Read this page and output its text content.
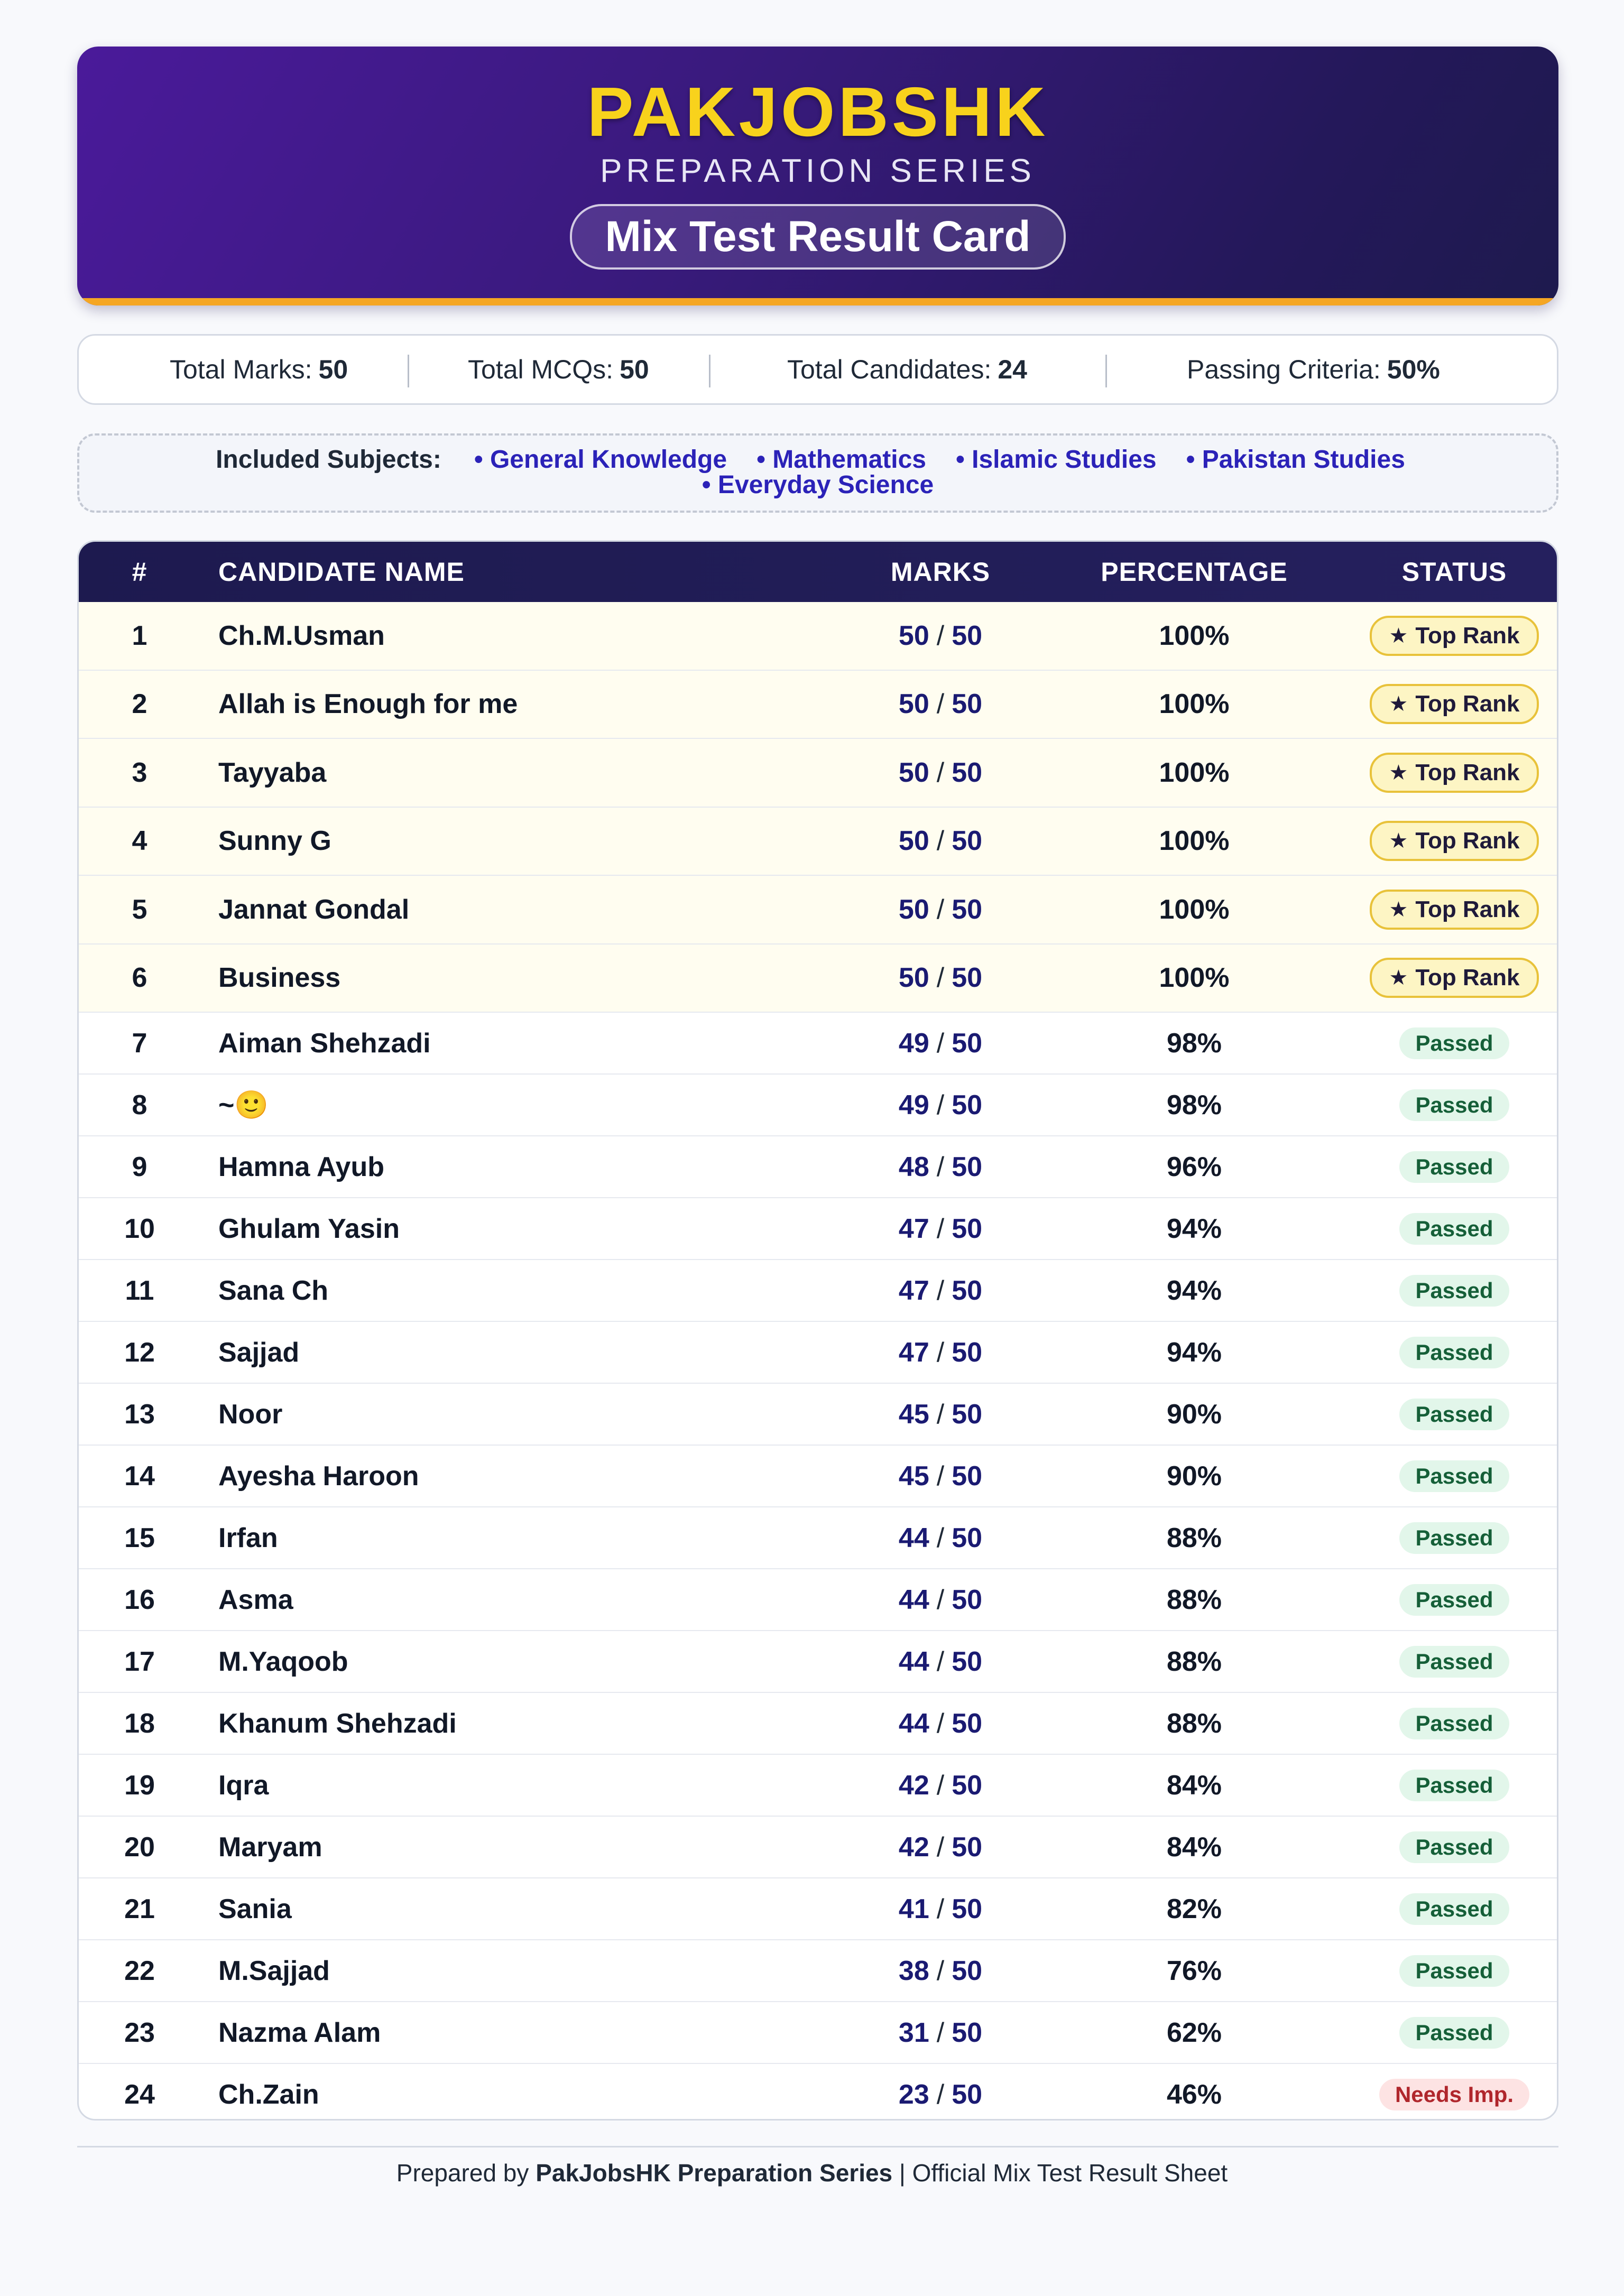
PAKJOBSHK
PREPARATION SERIES
Mix Test Result Card
Total Marks: 50	Total MCQs: 50	Total Candidates: 24	Passing Criteria: 50%
Included Subjects: • General Knowledge • Mathematics • Islamic Studies • Pakistan Studies
• Everyday Science
#	CANDIDATE NAME	MARKS	PERCENTAGE	STATUS
1	Ch.M.Usman	50 / 50	100%	★ Top Rank
2	Allah is Enough for me	50 / 50	100%	★ Top Rank
3	Tayyaba	50 / 50	100%	★ Top Rank
4	Sunny G	50 / 50	100%	★ Top Rank
5	Jannat Gondal	50 / 50	100%	★ Top Rank
6	Business	50 / 50	100%	★ Top Rank
7	Aiman Shehzadi	49 / 50	98%	Passed
8	~🙂	49 / 50	98%	Passed
9	Hamna Ayub	48 / 50	96%	Passed
10	Ghulam Yasin	47 / 50	94%	Passed
11	Sana Ch	47 / 50	94%	Passed
12	Sajjad	47 / 50	94%	Passed
13	Noor	45 / 50	90%	Passed
14	Ayesha Haroon	45 / 50	90%	Passed
15	Irfan	44 / 50	88%	Passed
16	Asma	44 / 50	88%	Passed
17	M.Yaqoob	44 / 50	88%	Passed
18	Khanum Shehzadi	44 / 50	88%	Passed
19	Iqra	42 / 50	84%	Passed
20	Maryam	42 / 50	84%	Passed
21	Sania	41 / 50	82%	Passed
22	M.Sajjad	38 / 50	76%	Passed
23	Nazma Alam	31 / 50	62%	Passed
24	Ch.Zain	23 / 50	46%	Needs Imp.
Prepared by PakJobsHK Preparation Series | Official Mix Test Result Sheet
